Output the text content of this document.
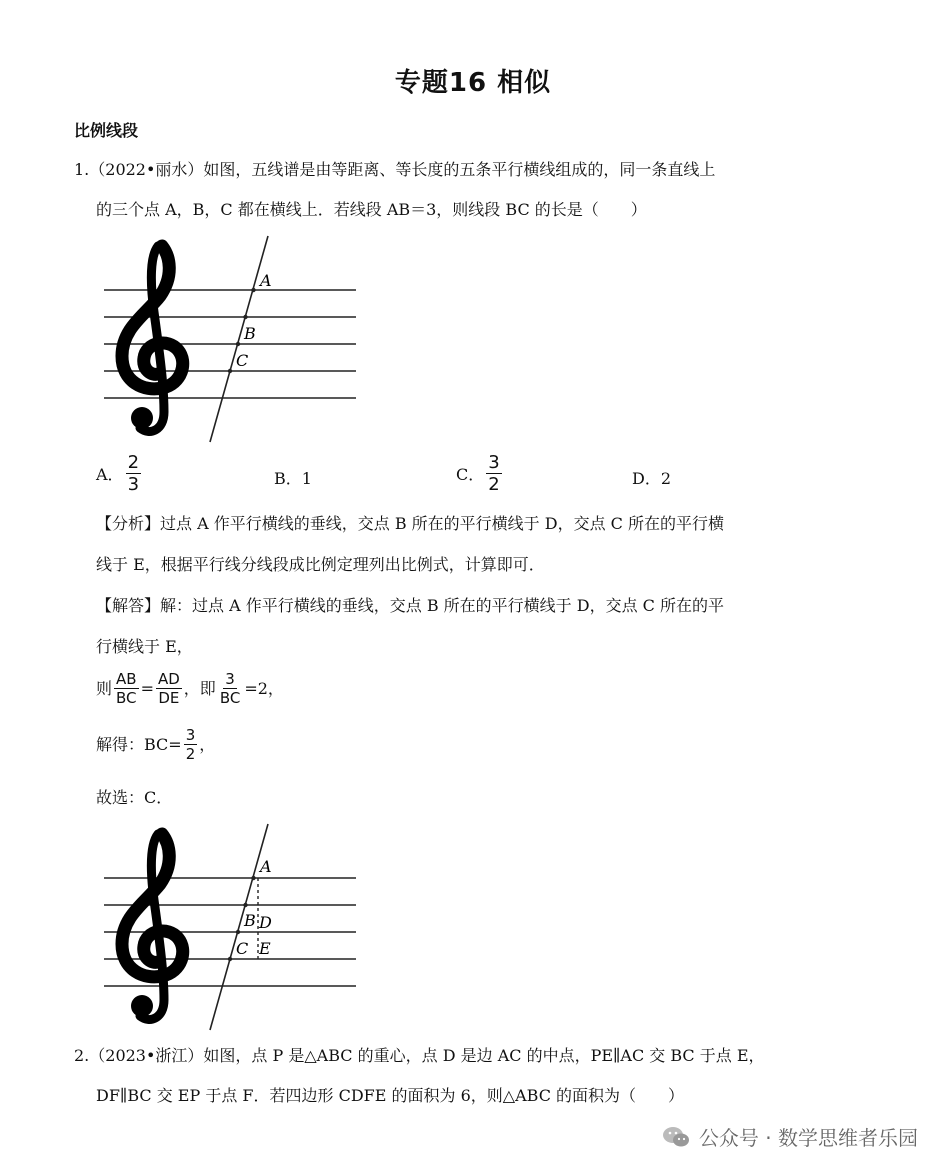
专题16 相似
比例线段
1.（2022•丽水）如图，五线谱是由等距离、等长度的五条平行横线组成的，同一条直线上
的三个点 A，B，C 都在横线上．若线段 AB＝3，则线段 BC 的长是（　　）
A
B
C
A． $\frac{2}{3}$	B．1	C． $\frac{3}{2}$	D．2
【分析】过点 A 作平行横线的垂线，交点 B 所在的平行横线于 D，交点 C 所在的平行横
线于 E，根据平行线分线段成比例定理列出比例式，计算即可．
【解答】解：过点 A 作平行横线的垂线，交点 B 所在的平行横线于 D，交点 C 所在的平
行横线于 E，
则 $\frac{AB}{BC} = \frac{AD}{DE}$ ，即 $\frac{3}{BC} =2$，
解得：$BC= \frac{3}{2}$ ，
故选：C．
A
B D
C E
2.（2023•浙江）如图，点 P 是△ABC 的重心，点 D 是边 AC 的中点，PE∥AC 交 BC 于点 E，
DF∥BC 交 EP 于点 F．若四边形 CDFE 的面积为 6，则△ABC 的面积为（　　）
公众号 · 数学思维者乐园
